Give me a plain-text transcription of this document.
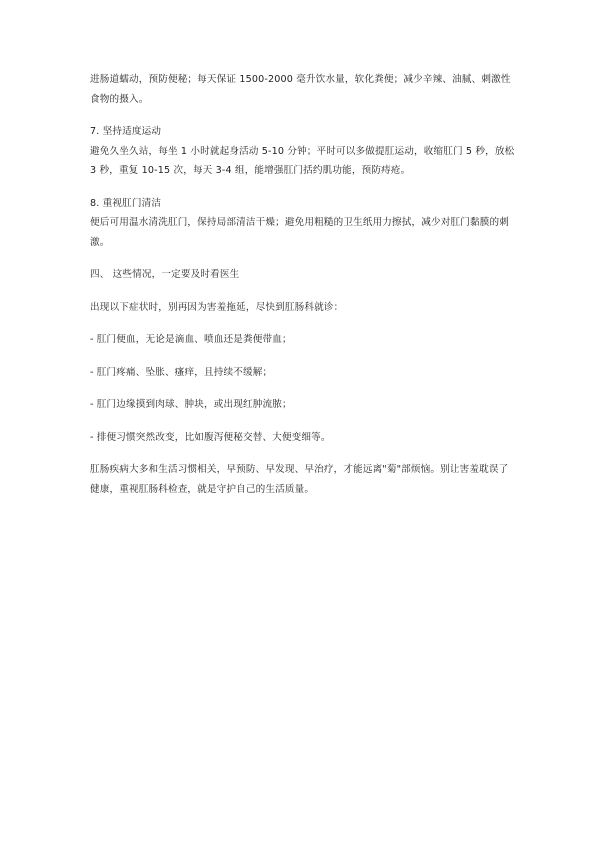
进肠道蠕动，预防便秘；每天保证 1500-2000 毫升饮水量，软化粪便；减少辛辣、油腻、刺激性食物的摄入。

7. 坚持适度运动

避免久坐久站，每坐 1 小时就起身活动 5-10 分钟；平时可以多做提肛运动，收缩肛门 5 秒，放松 3 秒，重复 10-15 次，每天 3-4 组，能增强肛门括约肌功能，预防痔疮。

8. 重视肛门清洁

便后可用温水清洗肛门，保持局部清洁干燥；避免用粗糙的卫生纸用力擦拭，减少对肛门黏膜的刺激。

四、 这些情况，一定要及时看医生

出现以下症状时，别再因为害羞拖延，尽快到肛肠科就诊：

- 肛门便血，无论是滴血、喷血还是粪便带血；

- 肛门疼痛、坠胀、瘙痒，且持续不缓解；

- 肛门边缘摸到肉球、肿块，或出现红肿流脓；

- 排便习惯突然改变，比如腹泻便秘交替、大便变细等。

肛肠疾病大多和生活习惯相关，早预防、早发现、早治疗，才能远离"菊"部烦恼。别让害羞耽误了健康，重视肛肠科检查，就是守护自己的生活质量。
